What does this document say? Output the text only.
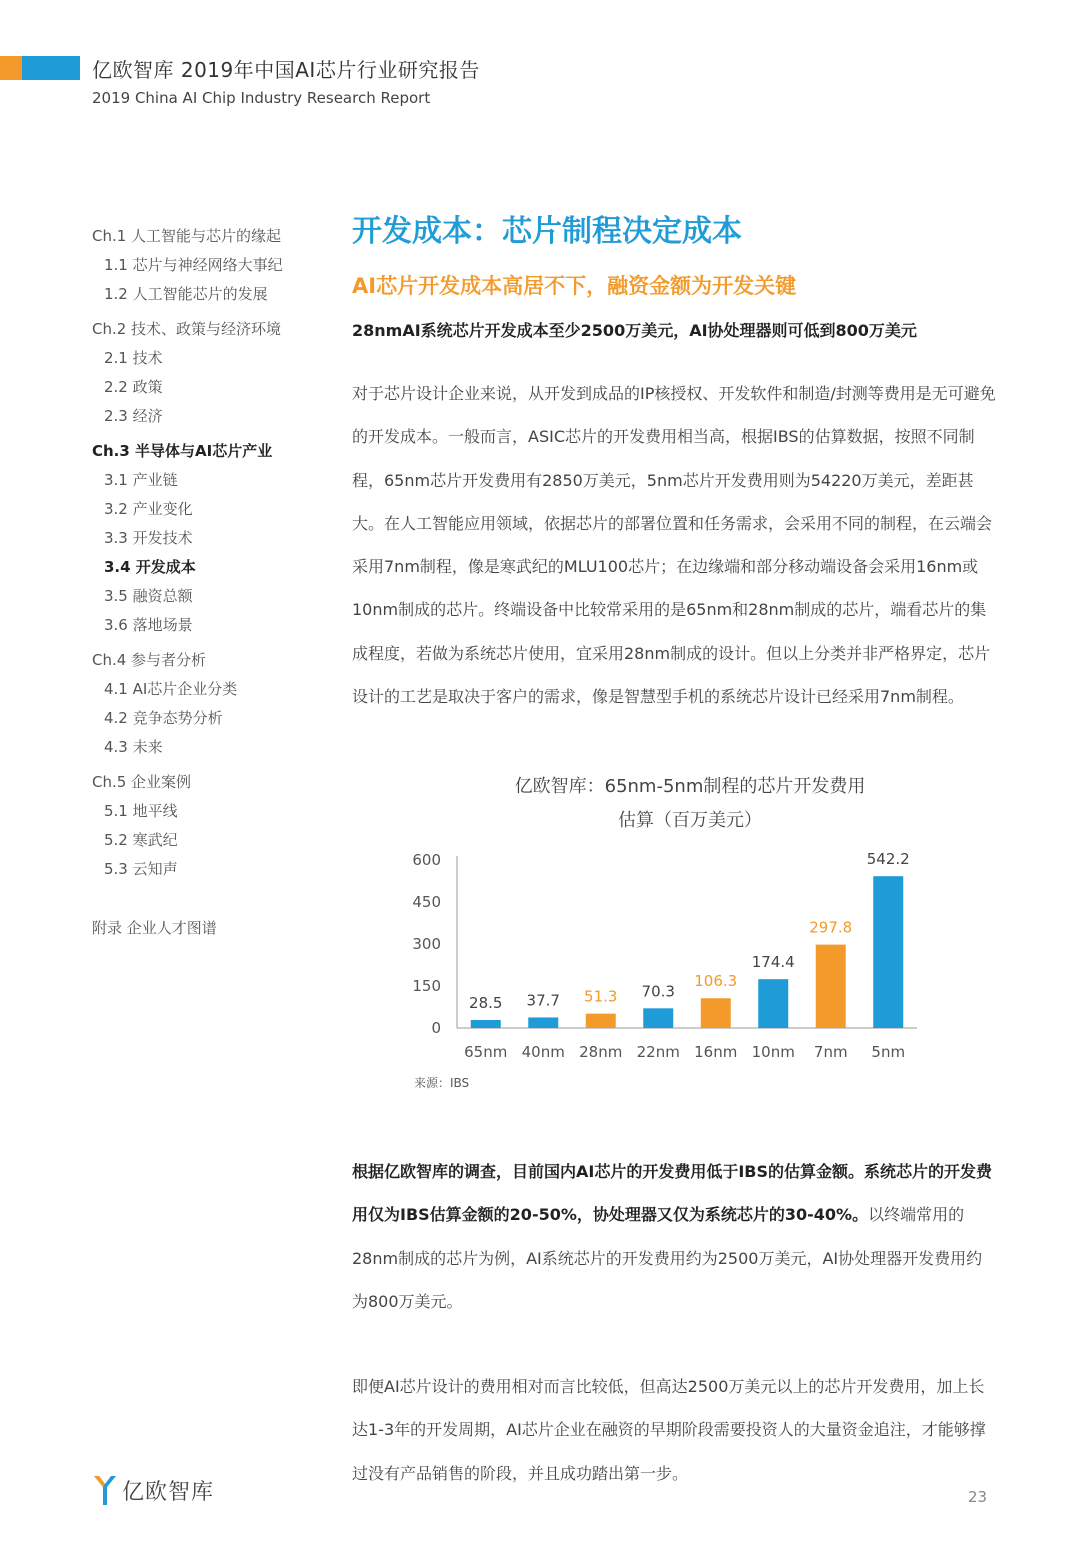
亿欧智库 2019年中国AI芯片行业研究报告
2019 China AI Chip Industry Research Report
Ch.1 人工智能与芯片的缘起
1.1 芯片与神经网络大事纪
1.2 人工智能芯片的发展
Ch.2 技术、政策与经济环境
2.1 技术
2.2 政策
2.3 经济
Ch.3 半导体与AI芯片产业
3.1 产业链
3.2 产业变化
3.3 开发技术
3.4 开发成本
3.5 融资总额
3.6 落地场景
Ch.4 参与者分析
4.1 AI芯片企业分类
4.2 竞争态势分析
4.3 未来
Ch.5 企业案例
5.1 地平线
5.2 寒武纪
5.3 云知声
附录 企业人才图谱
开发成本：芯片制程决定成本
AI芯片开发成本高居不下，融资金额为开发关键
28nmAI系统芯片开发成本至少2500万美元，AI协处理器则可低到800万美元

对于芯片设计企业来说，从开发到成品的IP核授权、开发软件和制造/封测等费用是无可避免的开发成本。一般而言，ASIC芯片的开发费用相当高，根据IBS的估算数据，按照不同制程，65nm芯片开发费用有2850万美元，5nm芯片开发费用则为54220万美元，差距甚大。在人工智能应用领域，依据芯片的部署位置和任务需求，会采用不同的制程，在云端会采用7nm制程，像是寒武纪的MLU100芯片；在边缘端和部分移动端设备会采用16nm或10nm制成的芯片。终端设备中比较常采用的是65nm和28nm制成的芯片，端看芯片的集成程度，若做为系统芯片使用，宜采用28nm制成的设计。但以上分类并非严格界定，芯片设计的工艺是取决于客户的需求，像是智慧型手机的系统芯片设计已经采用7nm制程。

亿欧智库：65nm-5nm制程的芯片开发费用
估算（百万美元）
0
150
300
450
600
28.5
65nm
37.7
40nm
51.3
28nm
70.3
22nm
106.3
16nm
174.4
10nm
297.8
7nm
542.2
5nm
来源：IBS

根据亿欧智库的调查，目前国内AI芯片的开发费用低于IBS的估算金额。系统芯片的开发费用仅为IBS估算金额的20-50%，协处理器又仅为系统芯片的30-40%。以终端常用的28nm制成的芯片为例，AI系统芯片的开发费用约为2500万美元，AI协处理器开发费用约为800万美元。

即便AI芯片设计的费用相对而言比较低，但高达2500万美元以上的芯片开发费用，加上长达1-3年的开发周期，AI芯片企业在融资的早期阶段需要投资人的大量资金追注，才能够撑过没有产品销售的阶段，并且成功踏出第一步。

亿欧智库	23
